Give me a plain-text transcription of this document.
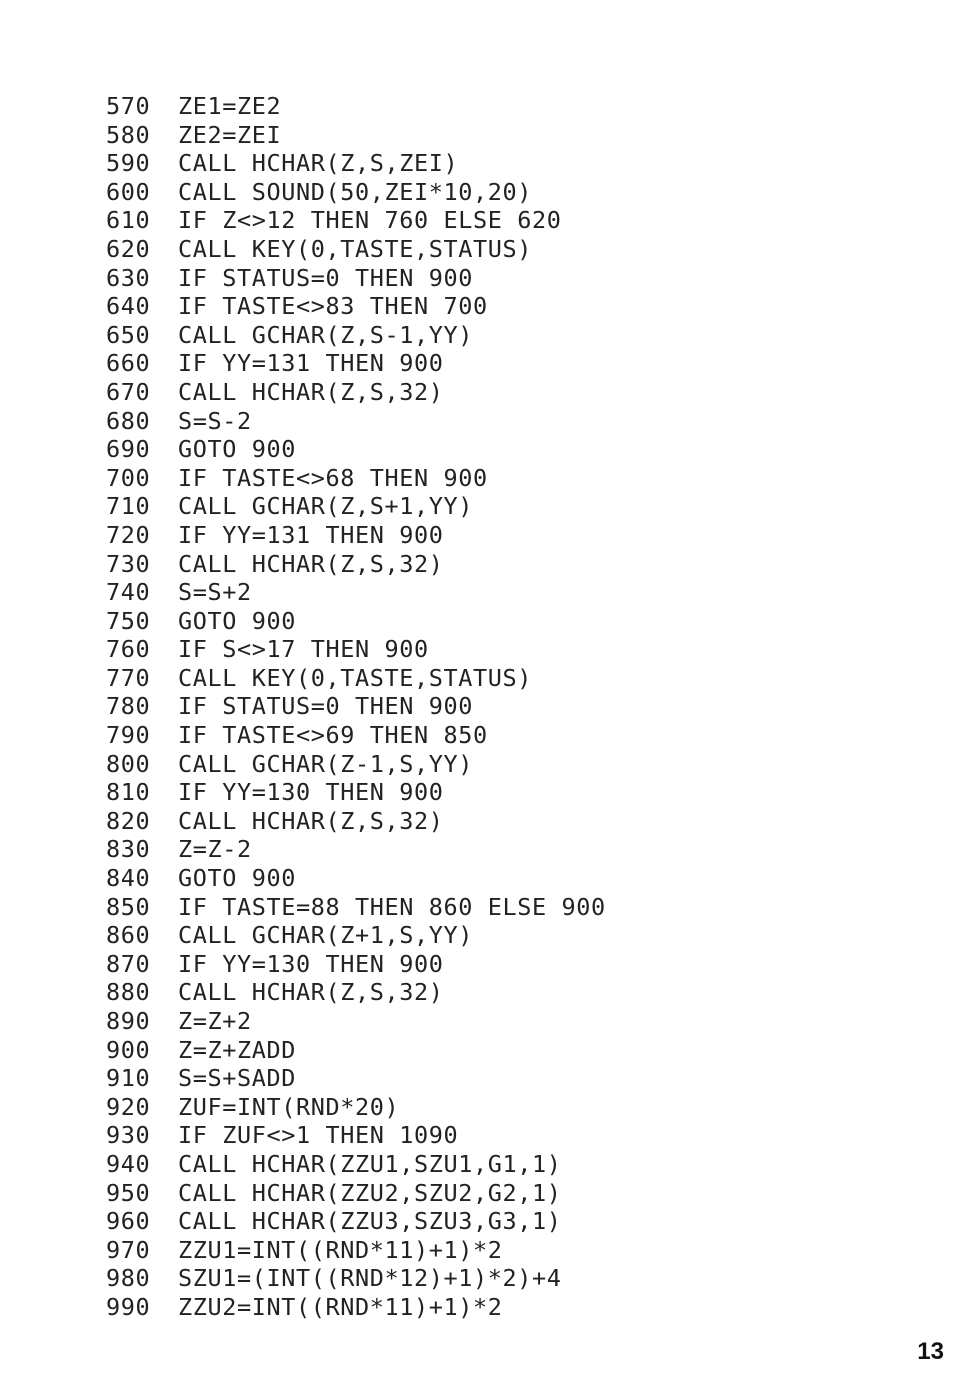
570 ZE1=ZE2
580 ZE2=ZEI
590 CALL HCHAR(Z,S,ZEI)
600 CALL SOUND(50,ZEI*10,20)
610 IF Z<>12 THEN 760 ELSE 620
620 CALL KEY(0,TASTE,STATUS)
630 IF STATUS=0 THEN 900
640 IF TASTE<>83 THEN 700
650 CALL GCHAR(Z,S-1,YY)
660 IF YY=131 THEN 900
670 CALL HCHAR(Z,S,32)
680 S=S-2
690 GOTO 900
700 IF TASTE<>68 THEN 900
710 CALL GCHAR(Z,S+1,YY)
720 IF YY=131 THEN 900
730 CALL HCHAR(Z,S,32)
740 S=S+2
750 GOTO 900
760 IF S<>17 THEN 900
770 CALL KEY(0,TASTE,STATUS)
780 IF STATUS=0 THEN 900
790 IF TASTE<>69 THEN 850
800 CALL GCHAR(Z-1,S,YY)
810 IF YY=130 THEN 900
820 CALL HCHAR(Z,S,32)
830 Z=Z-2
840 GOTO 900
850 IF TASTE=88 THEN 860 ELSE 900
860 CALL GCHAR(Z+1,S,YY)
870 IF YY=130 THEN 900
880 CALL HCHAR(Z,S,32)
890 Z=Z+2
900 Z=Z+ZADD
910 S=S+SADD
920 ZUF=INT(RND*20)
930 IF ZUF<>1 THEN 1090
940 CALL HCHAR(ZZU1,SZU1,G1,1)
950 CALL HCHAR(ZZU2,SZU2,G2,1)
960 CALL HCHAR(ZZU3,SZU3,G3,1)
970 ZZU1=INT((RND*11)+1)*2
980 SZU1=(INT((RND*12)+1)*2)+4
990 ZZU2=INT((RND*11)+1)*2
13
